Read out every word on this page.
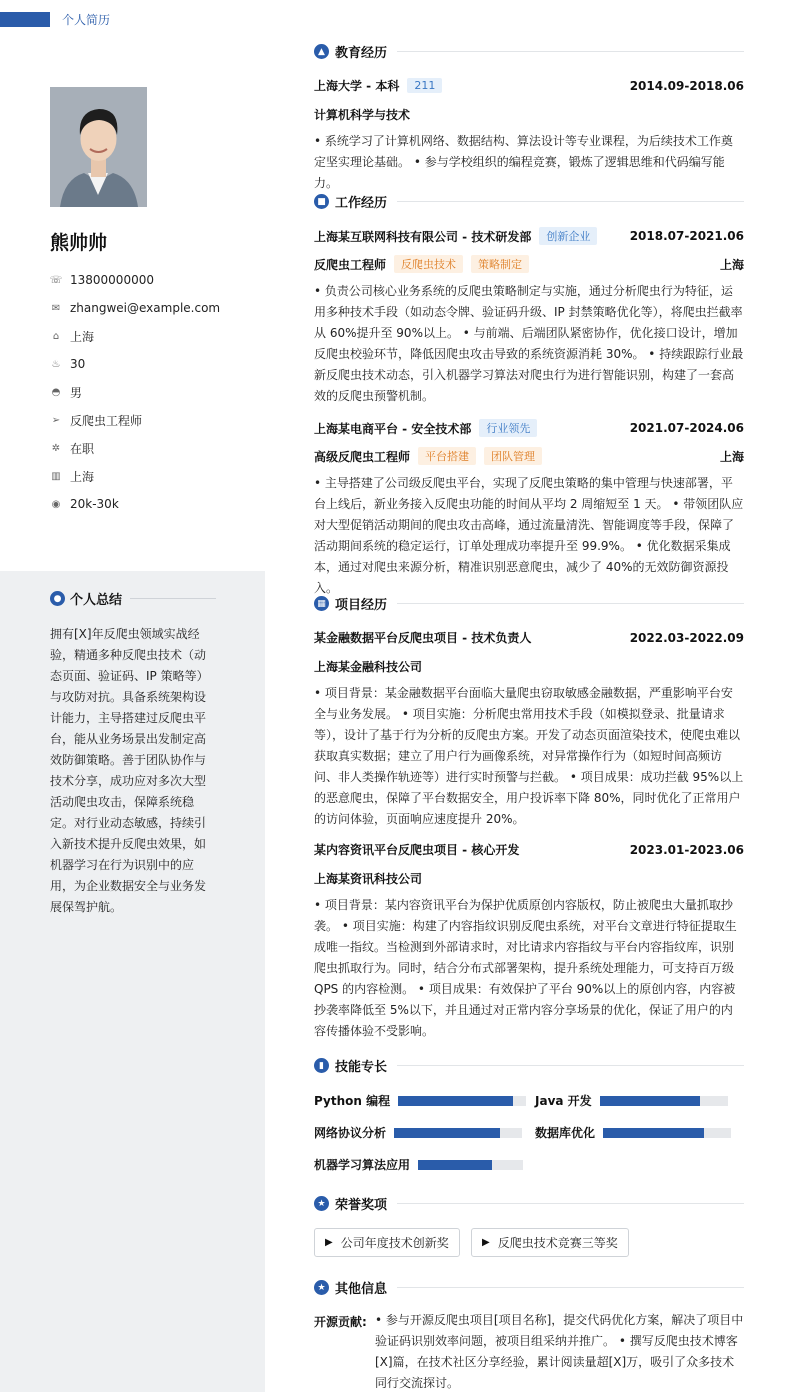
个人简历
熊帅帅
☏ 13800000000
✉ zhangwei@example.com
⌂ 上海
♨ 30
◓ 男
➢ 反爬虫工程师
✲ 在职
▥ 上海
◉ 20k-30k
● 个人总结
拥有[X]年反爬虫领域实战经验，精通多种反爬虫技术（动态页面、验证码、IP 策略等）与攻防对抗。具备系统架构设计能力，主导搭建过反爬虫平台，能从业务场景出发制定高效防御策略。善于团队协作与技术分享，成功应对多次大型活动爬虫攻击，保障系统稳定。对行业动态敏感，持续引入新技术提升反爬虫效果，如机器学习在行为识别中的应用，为企业数据安全与业务发展保驾护航。
▲ 教育经历
上海大学 - 本科	211	2014.09-2018.06
计算机科学与技术
• 系统学习了计算机网络、数据结构、算法设计等专业课程，为后续技术工作奠定坚实理论基础。 • 参与学校组织的编程竞赛，锻炼了逻辑思维和代码编写能力。
■ 工作经历
上海某互联网科技有限公司 - 技术研发部	创新企业	2018.07-2021.06
反爬虫工程师	反爬虫技术	策略制定	上海
• 负责公司核心业务系统的反爬虫策略制定与实施，通过分析爬虫行为特征，运用多种技术手段（如动态令牌、验证码升级、IP 封禁策略优化等），将爬虫拦截率从 60%提升至 90%以上。 • 与前端、后端团队紧密协作，优化接口设计，增加反爬虫校验环节，降低因爬虫攻击导致的系统资源消耗 30%。 • 持续跟踪行业最新反爬虫技术动态，引入机器学习算法对爬虫行为进行智能识别，构建了一套高效的反爬虫预警机制。
上海某电商平台 - 安全技术部	行业领先	2021.07-2024.06
高级反爬虫工程师	平台搭建	团队管理	上海
• 主导搭建了公司级反爬虫平台，实现了反爬虫策略的集中管理与快速部署，平台上线后，新业务接入反爬虫功能的时间从平均 2 周缩短至 1 天。 • 带领团队应对大型促销活动期间的爬虫攻击高峰，通过流量清洗、智能调度等手段，保障了活动期间系统的稳定运行，订单处理成功率提升至 99.9%。 • 优化数据采集成本，通过对爬虫来源分析，精准识别恶意爬虫，减少了 40%的无效防御资源投入。
▦ 项目经历
某金融数据平台反爬虫项目 - 技术负责人	2022.03-2022.09
上海某金融科技公司
• 项目背景：某金融数据平台面临大量爬虫窃取敏感金融数据，严重影响平台安全与业务发展。 • 项目实施：分析爬虫常用技术手段（如模拟登录、批量请求等），设计了基于行为分析的反爬虫方案。开发了动态页面渲染技术，使爬虫难以获取真实数据；建立了用户行为画像系统，对异常操作行为（如短时间高频访问、非人类操作轨迹等）进行实时预警与拦截。 • 项目成果：成功拦截 95%以上的恶意爬虫，保障了平台数据安全，用户投诉率下降 80%，同时优化了正常用户的访问体验，页面响应速度提升 20%。
某内容资讯平台反爬虫项目 - 核心开发	2023.01-2023.06
上海某资讯科技公司
• 项目背景：某内容资讯平台为保护优质原创内容版权，防止被爬虫大量抓取抄袭。 • 项目实施：构建了内容指纹识别反爬虫系统，对平台文章进行特征提取生成唯一指纹。当检测到外部请求时，对比请求内容指纹与平台内容指纹库，识别爬虫抓取行为。同时，结合分布式部署架构，提升系统处理能力，可支持百万级 QPS 的内容检测。 • 项目成果：有效保护了平台 90%以上的原创内容，内容被抄袭率降低至 5%以下，并且通过对正常内容分享场景的优化，保证了用户的内容传播体验不受影响。
▮ 技能专长
Python 编程	Java 开发
网络协议分析	数据库优化
机器学习算法应用
★ 荣誉奖项
▶ 公司年度技术创新奖	▶ 反爬虫技术竞赛三等奖
★ 其他信息
开源贡献: • 参与开源反爬虫项目[项目名称]，提交代码优化方案，解决了项目中验证码识别效率问题，被项目组采纳并推广。 • 撰写反爬虫技术博客[X]篇，在技术社区分享经验，累计阅读量超[X]万，吸引了众多技术同行交流探讨。
